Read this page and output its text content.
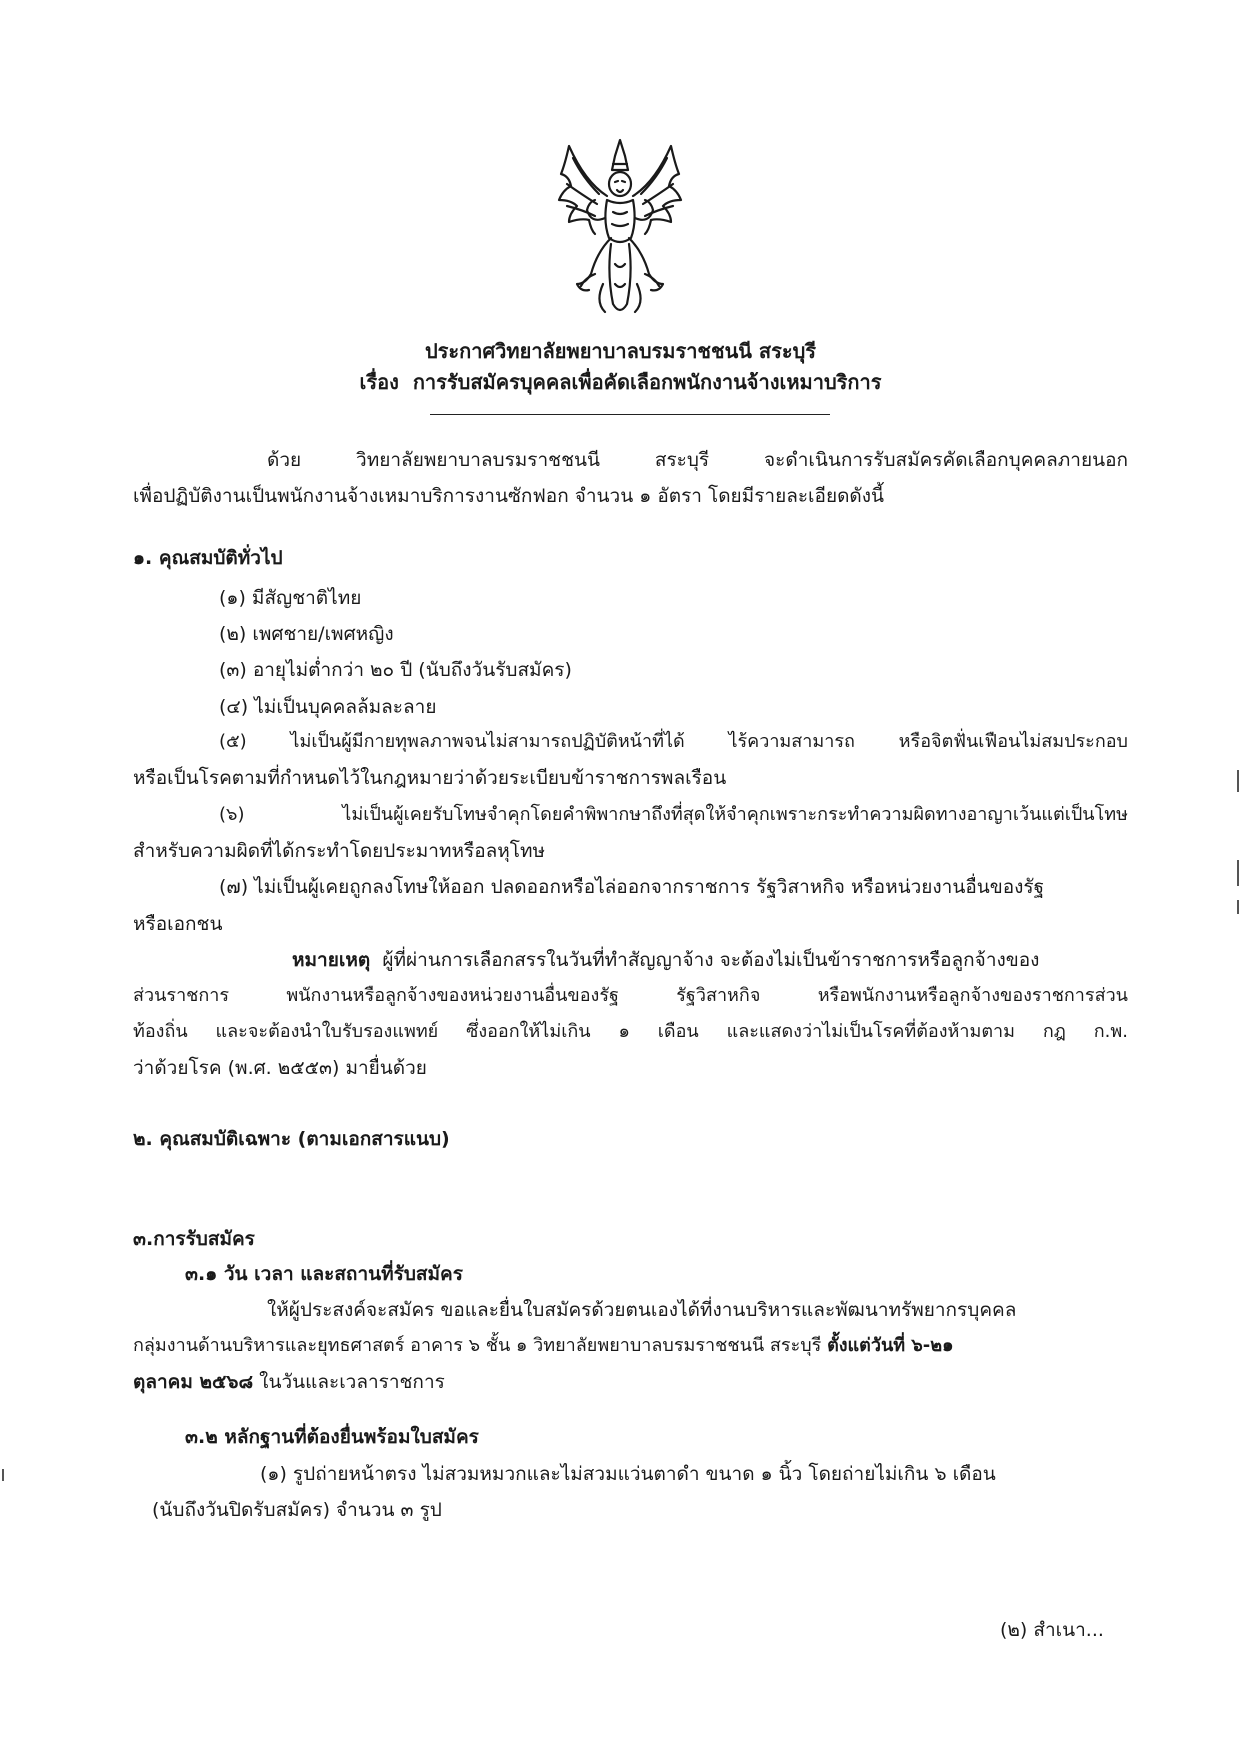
ประกาศวิทยาลัยพยาบาลบรมราชชนนี สระบุรี
เรื่อง การรับสมัครบุคคลเพื่อคัดเลือกพนักงานจ้างเหมาบริการ
ด้วย วิทยาลัยพยาบาลบรมราชชนนี สระบุรี จะดำเนินการรับสมัครคัดเลือกบุคคลภายนอก
เพื่อปฏิบัติงานเป็นพนักงานจ้างเหมาบริการงานซักฟอก จำนวน ๑ อัตรา โดยมีรายละเอียดดังนี้
๑. คุณสมบัติทั่วไป
(๑) มีสัญชาติไทย
(๒) เพศชาย/เพศหญิง
(๓) อายุไม่ต่ำกว่า ๒๐ ปี (นับถึงวันรับสมัคร)
(๔) ไม่เป็นบุคคลล้มละลาย
(๕) ไม่เป็นผู้มีกายทุพลภาพจนไม่สามารถปฏิบัติหน้าที่ได้ ไร้ความสามารถ หรือจิตฟั่นเฟือนไม่สมประกอบ
หรือเป็นโรคตามที่กำหนดไว้ในกฎหมายว่าด้วยระเบียบข้าราชการพลเรือน
(๖) ไม่เป็นผู้เคยรับโทษจำคุกโดยคำพิพากษาถึงที่สุดให้จำคุกเพราะกระทำความผิดทางอาญาเว้นแต่เป็นโทษ
สำหรับความผิดที่ได้กระทำโดยประมาทหรือลหุโทษ
(๗) ไม่เป็นผู้เคยถูกลงโทษให้ออก ปลดออกหรือไล่ออกจากราชการ รัฐวิสาหกิจ หรือหน่วยงานอื่นของรัฐ
หรือเอกชน
หมายเหตุ ผู้ที่ผ่านการเลือกสรรในวันที่ทำสัญญาจ้าง จะต้องไม่เป็นข้าราชการหรือลูกจ้างของ
ส่วนราชการ พนักงานหรือลูกจ้างของหน่วยงานอื่นของรัฐ รัฐวิสาหกิจ หรือพนักงานหรือลูกจ้างของราชการส่วน
ท้องถิ่น และจะต้องนำใบรับรองแพทย์ ซึ่งออกให้ไม่เกิน ๑ เดือน และแสดงว่าไม่เป็นโรคที่ต้องห้ามตาม กฎ ก.พ.
ว่าด้วยโรค (พ.ศ. ๒๕๕๓) มายื่นด้วย
๒. คุณสมบัติเฉพาะ (ตามเอกสารแนบ)
๓.การรับสมัคร
๓.๑ วัน เวลา และสถานที่รับสมัคร
ให้ผู้ประสงค์จะสมัคร ขอและยื่นใบสมัครด้วยตนเองได้ที่งานบริหารและพัฒนาทรัพยากรบุคคล
กลุ่มงานด้านบริหารและยุทธศาสตร์ อาคาร ๖ ชั้น ๑ วิทยาลัยพยาบาลบรมราชชนนี สระบุรี ตั้งแต่วันที่ ๖-๒๑
ตุลาคม ๒๕๖๘ ในวันและเวลาราชการ
๓.๒ หลักฐานที่ต้องยื่นพร้อมใบสมัคร
(๑) รูปถ่ายหน้าตรง ไม่สวมหมวกและไม่สวมแว่นตาดำ ขนาด ๑ นิ้ว โดยถ่ายไม่เกิน ๖ เดือน
(นับถึงวันปิดรับสมัคร) จำนวน ๓ รูป
(๒) สำเนา...
